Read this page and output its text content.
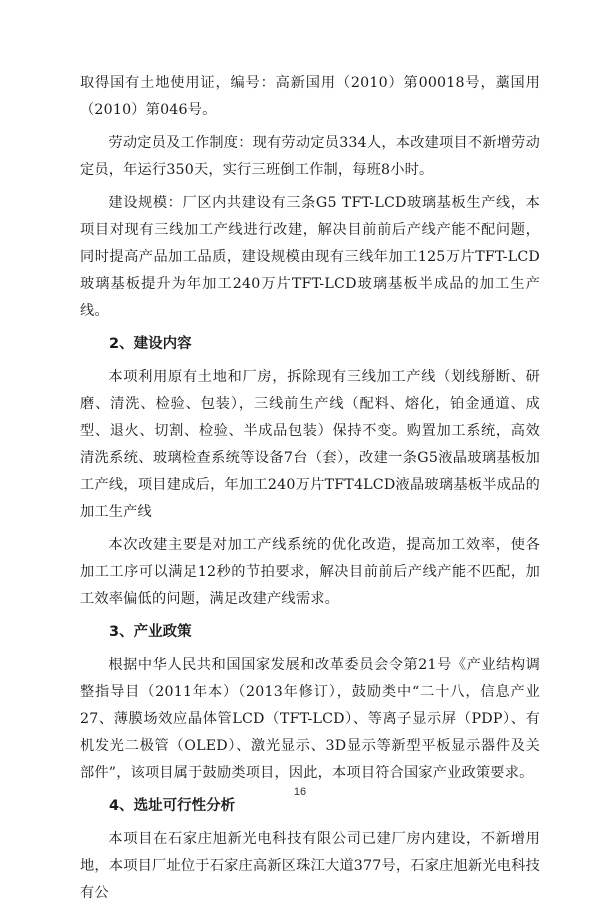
取得国有土地使用证，编号：高新国用（2010）第00018号，藁国用（2010）第046号。

劳动定员及工作制度：现有劳动定员334人，本改建项目不新增劳动定员，年运行350天，实行三班倒工作制，每班8小时。

建设规模：厂区内共建设有三条G5 TFT-LCD玻璃基板生产线，本项目对现有三线加工产线进行改建，解决目前前后产线产能不配问题，同时提高产品加工品质，建设规模由现有三线年加工125万片TFT-LCD玻璃基板提升为年加工240万片TFT-LCD玻璃基板半成品的加工生产线。

2、建设内容

本项利用原有土地和厂房，拆除现有三线加工产线（划线掰断、研磨、清洗、检验、包装），三线前生产线（配料、熔化，铂金通道、成型、退火、切割、检验、半成品包装）保持不变。购置加工系统，高效清洗系统、玻璃检查系统等设备7台（套），改建一条G5液晶玻璃基板加工产线，项目建成后，年加工240万片TFT4LCD液晶玻璃基板半成品的加工生产线

本次改建主要是对加工产线系统的优化改造，提高加工效率，使各加工工序可以满足12秒的节拍要求，解决目前前后产线产能不匹配，加工效率偏低的问题，满足改建产线需求。

3、产业政策

根据中华人民共和国国家发展和改革委员会令第21号《产业结构调整指导目（2011年本）（2013年修订），鼓励类中“二十八，信息产业27、薄膜场效应晶体管LCD（TFT-LCD）、等离子显示屏（PDP）、有机发光二极管（OLED）、激光显示、3D显示等新型平板显示器件及关部件”，该项目属于鼓励类项目，因此，本项目符合国家产业政策要求。

4、选址可行性分析

本项目在石家庄旭新光电科技有限公司已建厂房内建设，不新增用地，本项目厂址位于石家庄高新区珠江大道377号，石家庄旭新光电科技有公

16
